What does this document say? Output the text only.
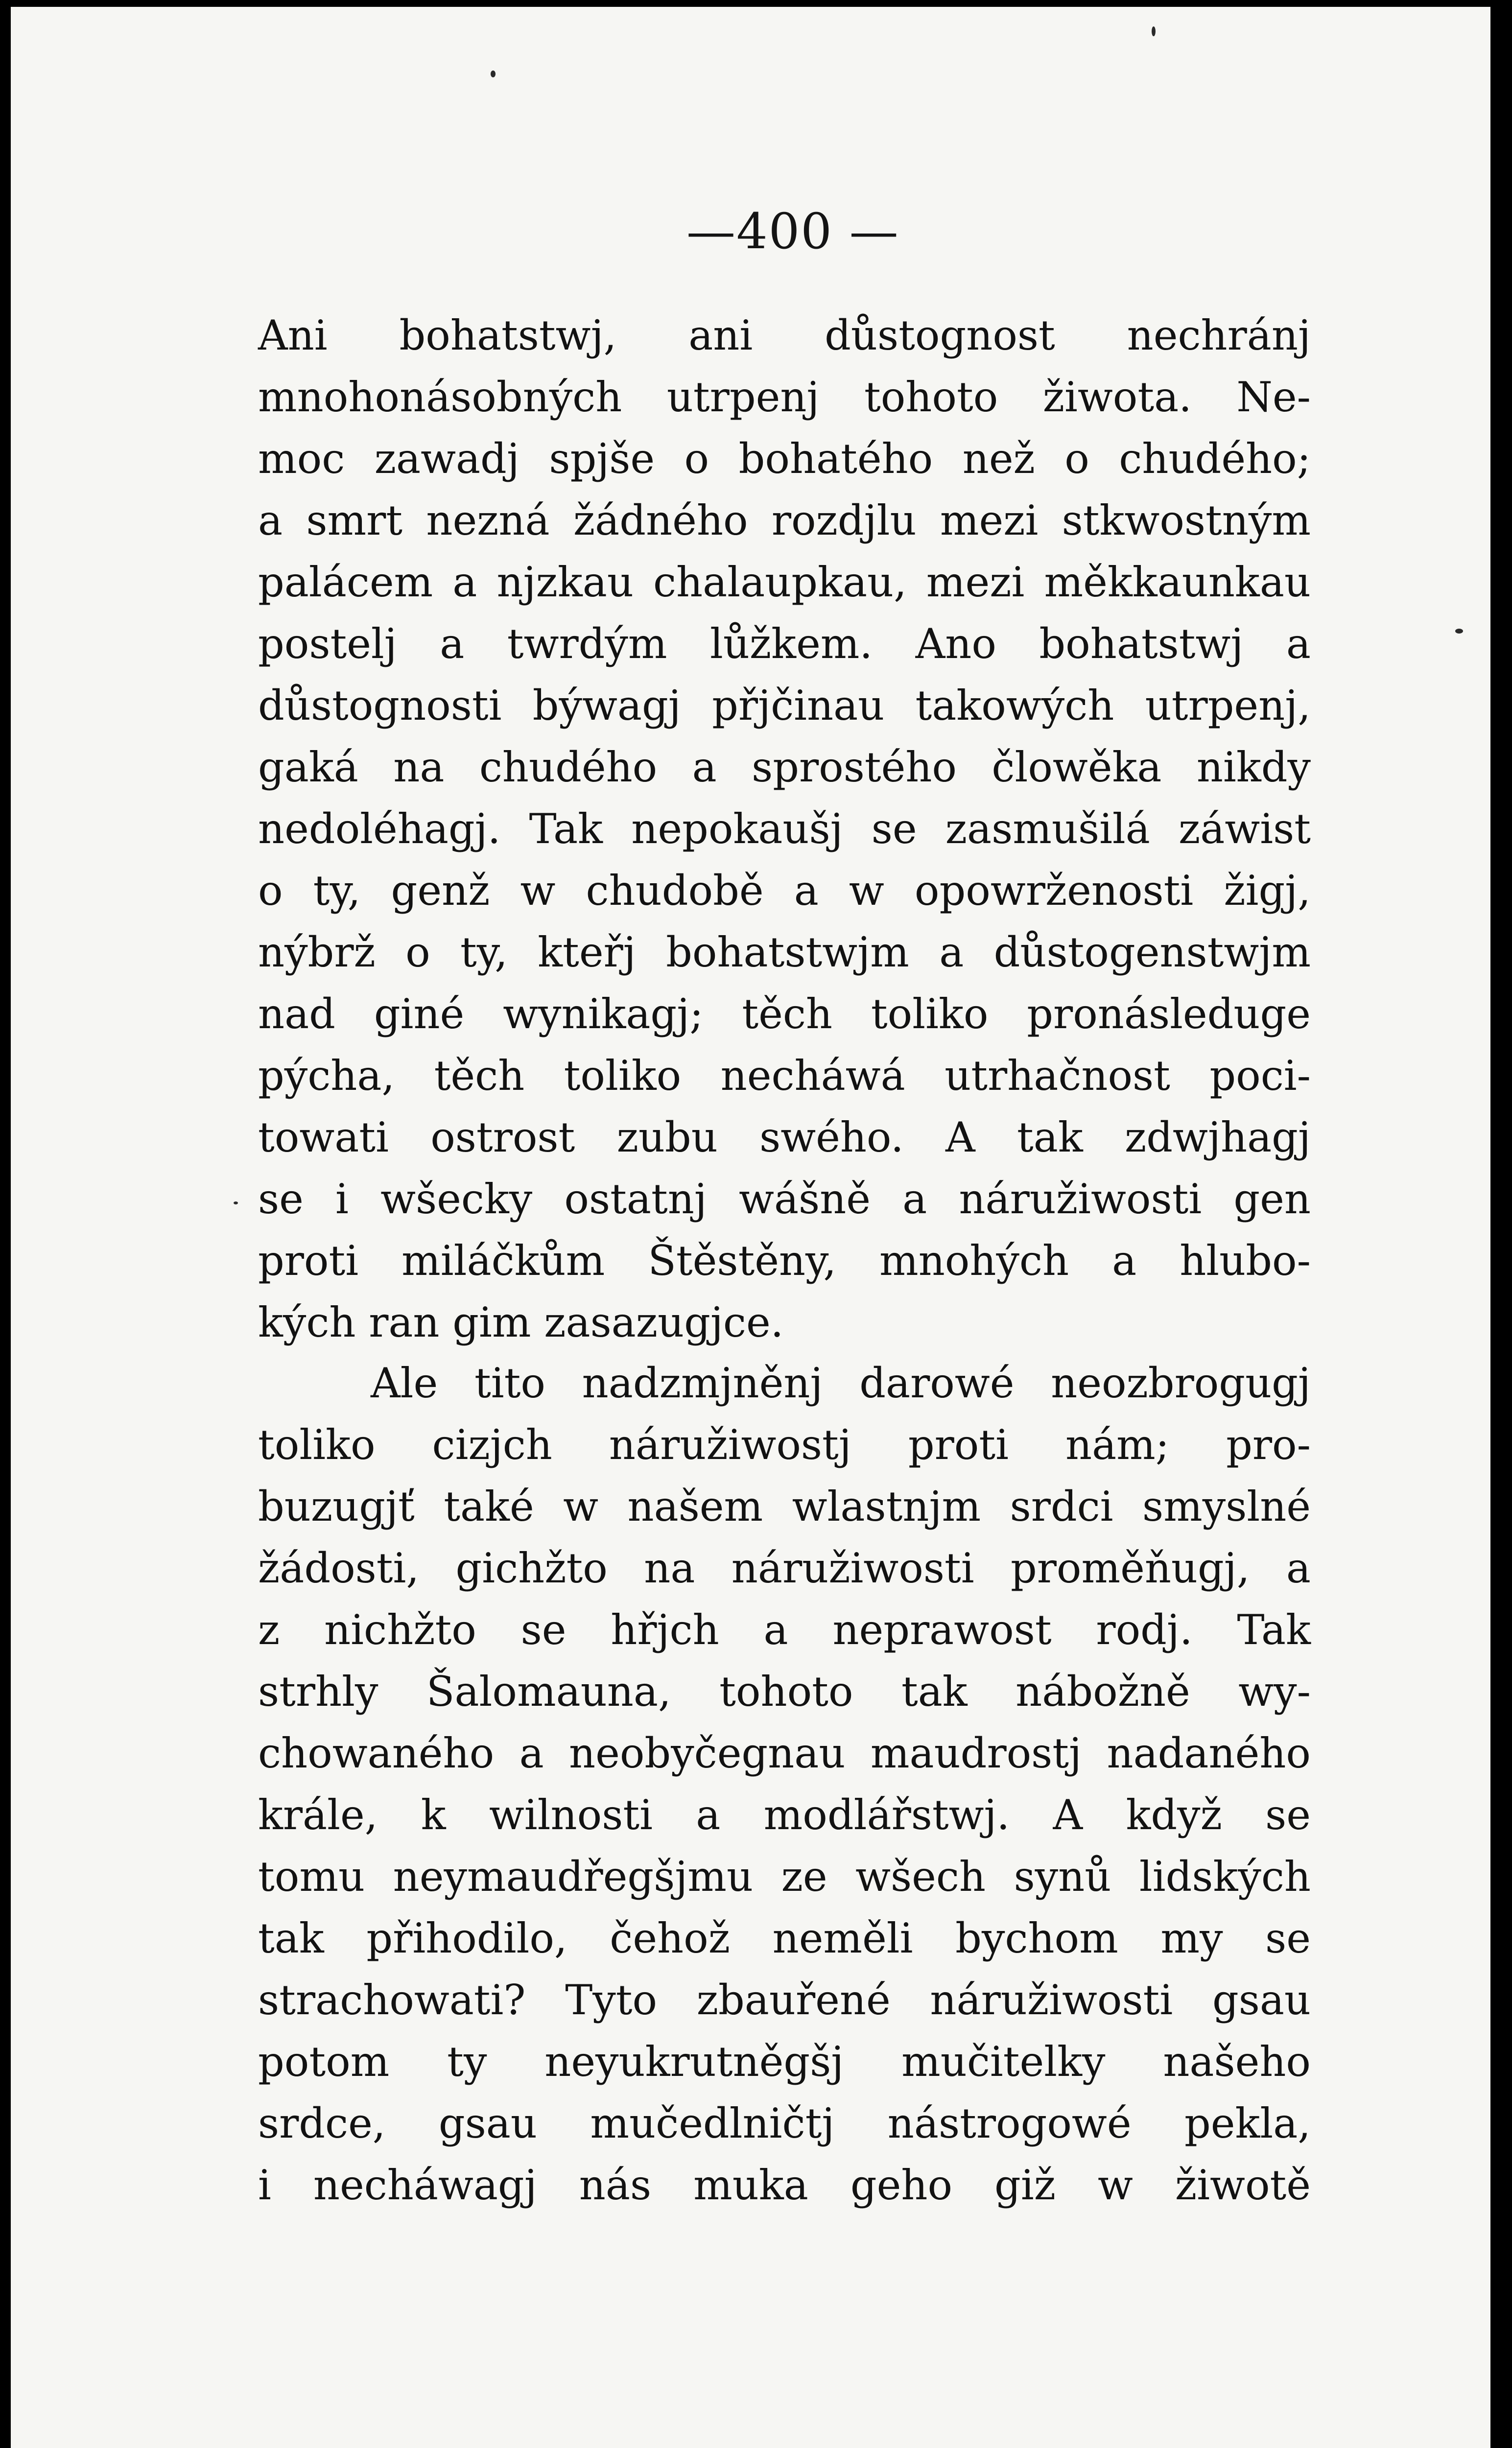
—400 —
Ani bohatstwj, ani důstognost nechránj
mnohonásobných utrpenj tohoto žiwota. Ne-
moc zawadj spjše o bohatého než o chudého;
a smrt nezná žádného rozdjlu mezi stkwostným
palácem a njzkau chalaupkau, mezi měkkaunkau
postelj a twrdým lůžkem. Ano bohatstwj a
důstognosti býwagj přjčinau takowých utrpenj,
gaká na chudého a sprostého člowěka nikdy
nedoléhagj. Tak nepokaušj se zasmušilá záwist
o ty, genž w chudobě a w opowrženosti žigj,
nýbrž o ty, kteřj bohatstwjm a důstogenstwjm
nad giné wynikagj; těch toliko pronásleduge
pýcha, těch toliko necháwá utrhačnost poci-
towati ostrost zubu swého. A tak zdwjhagj
se i wšecky ostatnj wášně a náružiwosti gen
proti miláčkům Štěstěny, mnohých a hlubo-
kých ran gim zasazugjce.
Ale tito nadzmjněnj darowé neozbrogugj
toliko cizjch náružiwostj proti nám; pro-
buzugjť také w našem wlastnjm srdci smyslné
žádosti, gichžto na náružiwosti proměňugj, a
z nichžto se hřjch a neprawost rodj. Tak
strhly Šalomauna, tohoto tak nábožně wy-
chowaného a neobyčegnau maudrostj nadaného
krále, k wilnosti a modlářstwj. A když se
tomu neymaudřegšjmu ze wšech synů lidských
tak přihodilo, čehož neměli bychom my se
strachowati? Tyto zbauřené náružiwosti gsau
potom ty neyukrutněgšj mučitelky našeho
srdce, gsau mučedlničtj nástrogowé pekla,
i necháwagj nás muka geho giž w žiwotě
